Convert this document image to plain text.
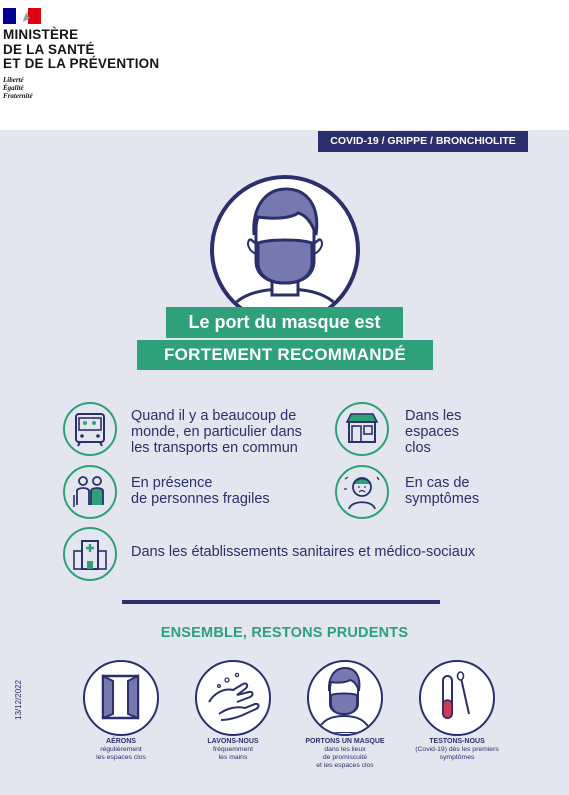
MINISTÈRE
DE LA SANTÉ
ET DE LA PRÉVENTION
Liberté
Égalité
Fraternité
COVID-19 / GRIPPE / BRONCHIOLITE
Le port du masque est
FORTEMENT RECOMMANDÉ
Quand il y a beaucoup de
monde, en particulier dans
les transports en commun
Dans les
espaces
clos
En présence
de personnes fragiles
En cas de
symptômes
Dans les établissements sanitaires et médico-sociaux
ENSEMBLE, RESTONS PRUDENTS
13/12/2022
AÉRONS
régulièrement
les espaces clos
LAVONS-NOUS
fréquemment
les mains
PORTONS UN MASQUE
dans les lieux
de promiscuité
et les espaces clos
TESTONS-NOUS
(Covid-19) dès les premiers
symptômes
